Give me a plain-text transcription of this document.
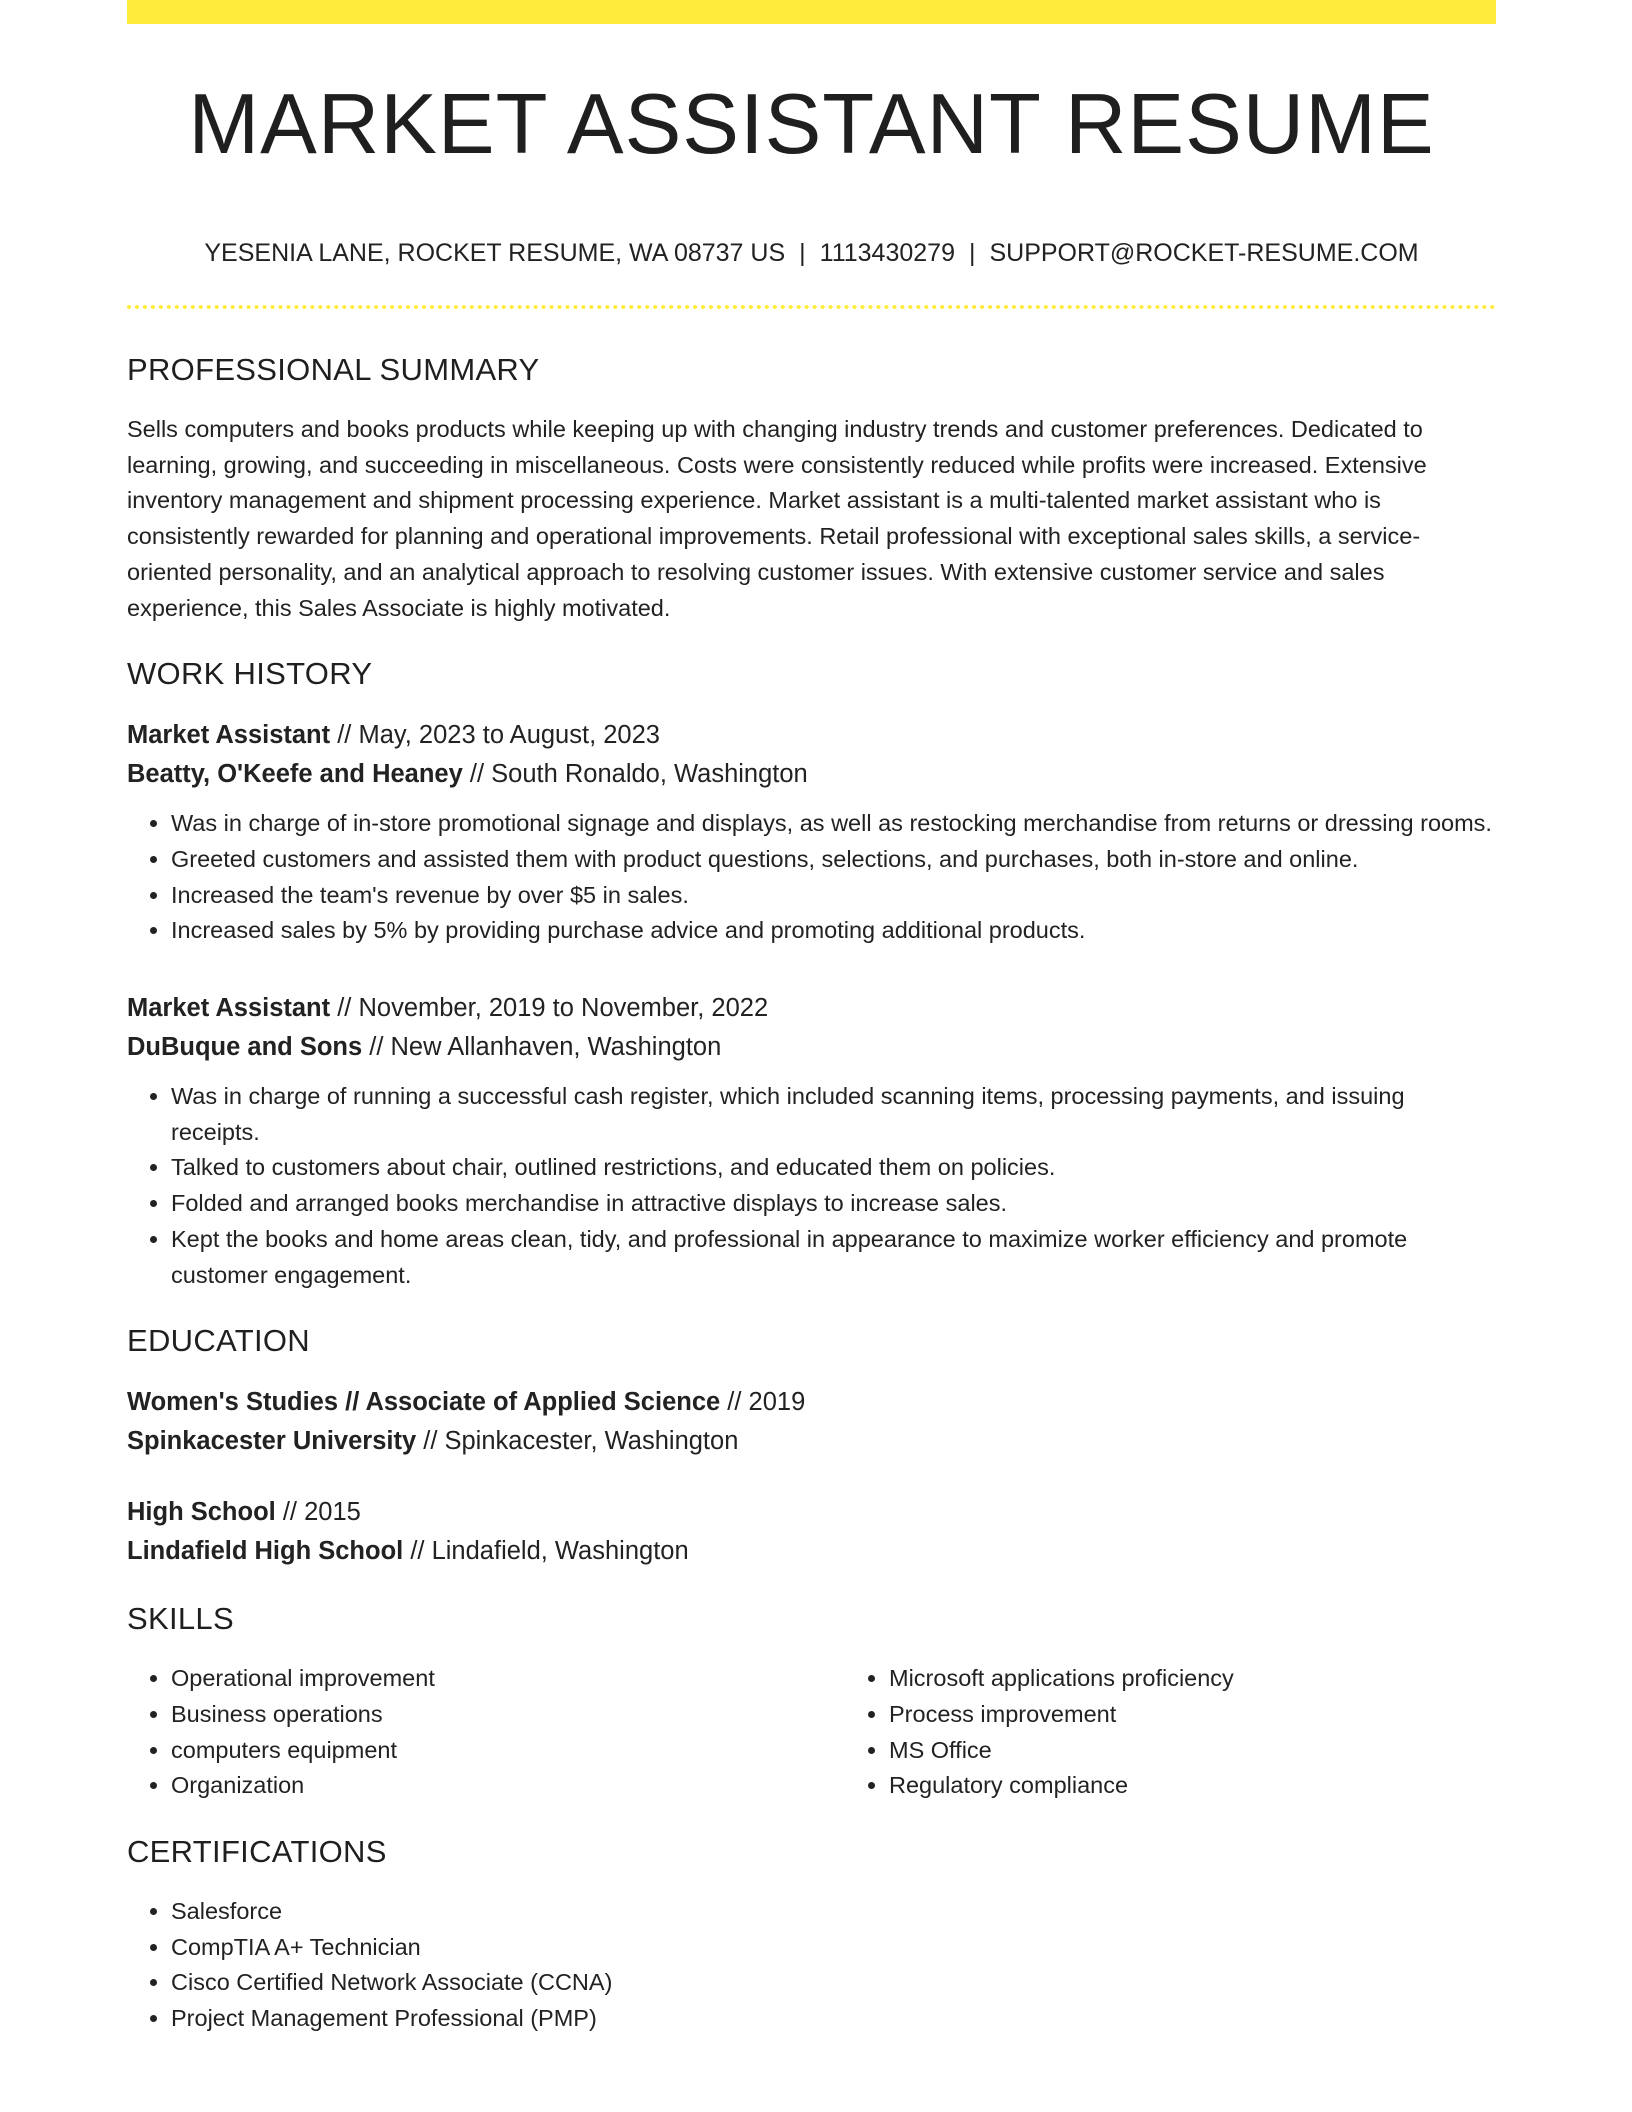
MARKET ASSISTANT RESUME
YESENIA LANE, ROCKET RESUME, WA 08737 US | 1113430279 | SUPPORT@ROCKET-RESUME.COM
PROFESSIONAL SUMMARY

Sells computers and books products while keeping up with changing industry trends and customer preferences. Dedicated to learning, growing, and succeeding in miscellaneous. Costs were consistently reduced while profits were increased. Extensive inventory management and shipment processing experience. Market assistant is a multi-talented market assistant who is consistently rewarded for planning and operational improvements. Retail professional with exceptional sales skills, a service-oriented personality, and an analytical approach to resolving customer issues. With extensive customer service and sales experience, this Sales Associate is highly motivated.

WORK HISTORY
Market Assistant // May, 2023 to August, 2023
Beatty, O'Keefe and Heaney // South Ronaldo, Washington
• Was in charge of in-store promotional signage and displays, as well as restocking merchandise from returns or dressing rooms.
• Greeted customers and assisted them with product questions, selections, and purchases, both in-store and online.
• Increased the team's revenue by over $5 in sales.
• Increased sales by 5% by providing purchase advice and promoting additional products.
Market Assistant // November, 2019 to November, 2022
DuBuque and Sons // New Allanhaven, Washington
• Was in charge of running a successful cash register, which included scanning items, processing payments, and issuing receipts.
• Talked to customers about chair, outlined restrictions, and educated them on policies.
• Folded and arranged books merchandise in attractive displays to increase sales.
• Kept the books and home areas clean, tidy, and professional in appearance to maximize worker efficiency and promote customer engagement.
EDUCATION
Women's Studies // Associate of Applied Science // 2019
Spinkacester University // Spinkacester, Washington
High School // 2015
Lindafield High School // Lindafield, Washington
SKILLS
• Operational improvement
• Business operations
• computers equipment
• Organization
• Microsoft applications proficiency
• Process improvement
• MS Office
• Regulatory compliance
CERTIFICATIONS
• Salesforce
• CompTIA A+ Technician
• Cisco Certified Network Associate (CCNA)
• Project Management Professional (PMP)
